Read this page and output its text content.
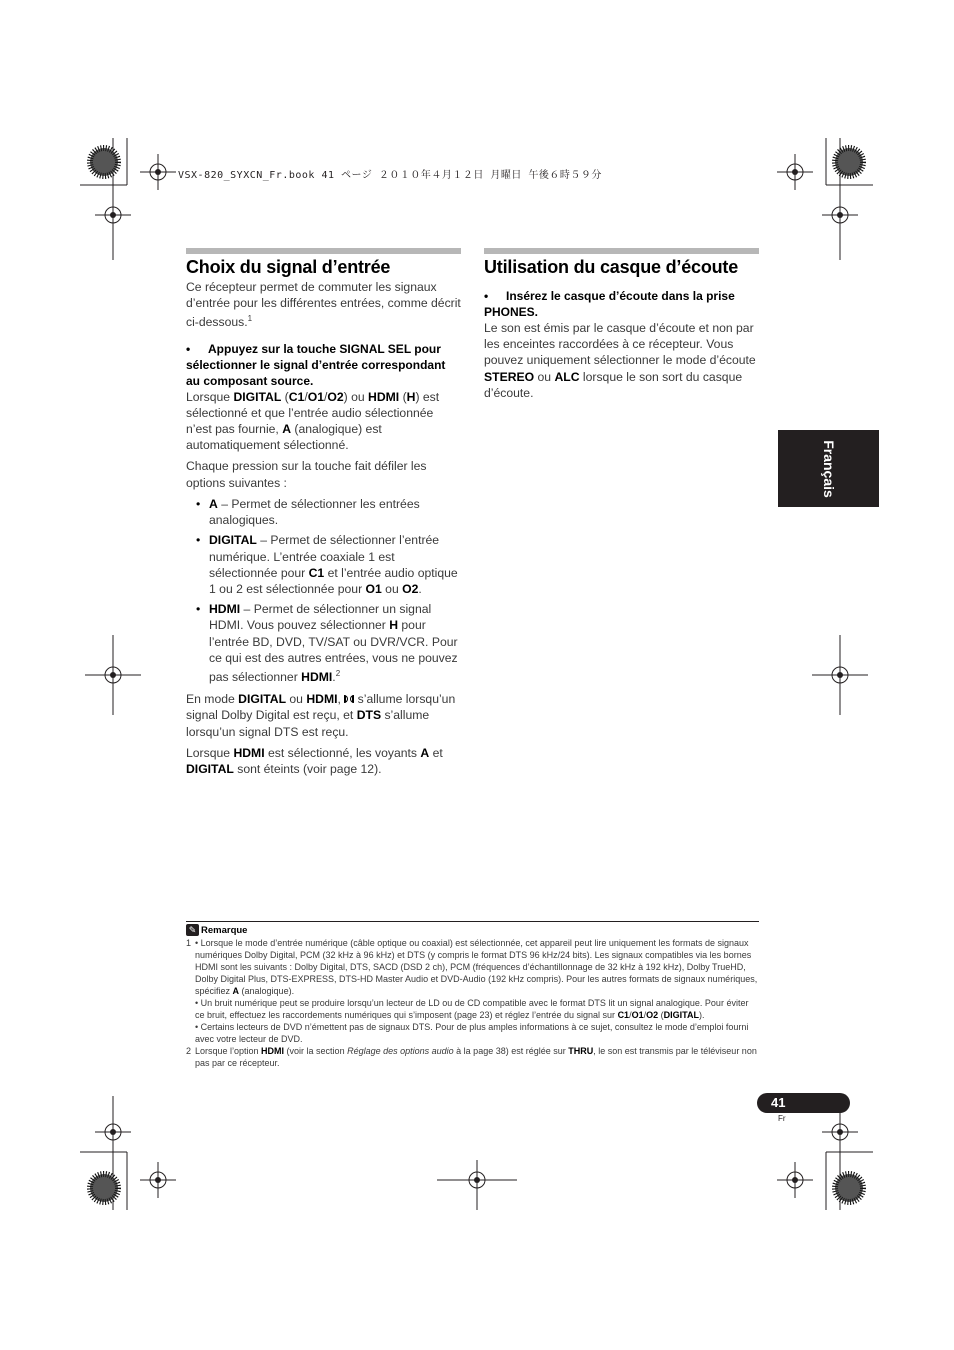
VSX-820_SYXCN_Fr.book 41 ページ ２０１０年４月１２日 月曜日 午後６時５９分
Choix du signal d’entrée

Ce récepteur permet de commuter les signaux d’entrée pour les différentes entrées, comme décrit ci-dessous.$^1$

• Appuyez sur la touche SIGNAL SEL pour sélectionner le signal d’entrée correspondant au composant source.

Lorsque DIGITAL (C1/O1/O2) ou HDMI (H) est sélectionné et que l’entrée audio sélectionnée n’est pas fournie, A (analogique) est automatiquement sélectionné.

Chaque pression sur la touche fait défiler les options suivantes :

• A – Permet de sélectionner les entrées analogiques.
• DIGITAL – Permet de sélectionner l’entrée numérique. L’entrée coaxiale 1 est sélectionnée pour C1 et l’entrée audio optique 1 ou 2 est sélectionnée pour O1 ou O2.
• HDMI – Permet de sélectionner un signal HDMI. Vous pouvez sélectionner H pour l’entrée BD, DVD, TV/SAT ou DVR/VCR. Pour ce qui est des autres entrées, vous ne pouvez pas sélectionner HDMI.$^2$

En mode DIGITAL ou HDMI,
s’allume lorsqu’un signal Dolby Digital est reçu, et DTS s’allume lorsqu’un signal DTS est reçu.

Lorsque HDMI est sélectionné, les voyants A et DIGITAL sont éteints (voir page 12).

Utilisation du casque d’écoute

• Insérez le casque d’écoute dans la prise PHONES.

Le son est émis par le casque d’écoute et non par les enceintes raccordées à ce récepteur. Vous pouvez uniquement sélectionner le mode d’écoute STEREO ou ALC lorsque le son sort du casque d’écoute.

Français
✎ Remarque
1 • Lorsque le mode d’entrée numérique (câble optique ou coaxial) est sélectionnée, cet appareil peut lire uniquement les formats de signaux numériques Dolby Digital, PCM (32 kHz à 96 kHz) et DTS (y compris le format DTS 96 kHz/24 bits). Les signaux compatibles via les bornes HDMI sont les suivants : Dolby Digital, DTS, SACD (DSD 2 ch), PCM (fréquences d’échantillonnage de 32 kHz à 192 kHz), Dolby TrueHD, Dolby Digital Plus, DTS-EXPRESS, DTS-HD Master Audio et DVD-Audio (192 kHz compris). Pour les autres formats de signaux numériques, spécifiez A (analogique).

• Un bruit numérique peut se produire lorsqu’un lecteur de LD ou de CD compatible avec le format DTS lit un signal analogique. Pour éviter ce bruit, effectuez les raccordements numériques qui s’imposent (page 23) et réglez l’entrée du signal sur C1/O1/O2 (DIGITAL).

• Certains lecteurs de DVD n’émettent pas de signaux DTS. Pour de plus amples informations à ce sujet, consultez le mode d’emploi fourni avec votre lecteur de DVD.

2 Lorsque l’option HDMI (voir la section Réglage des options audio à la page 38) est réglée sur THRU, le son est transmis par le téléviseur non pas par ce récepteur.

41
Fr
